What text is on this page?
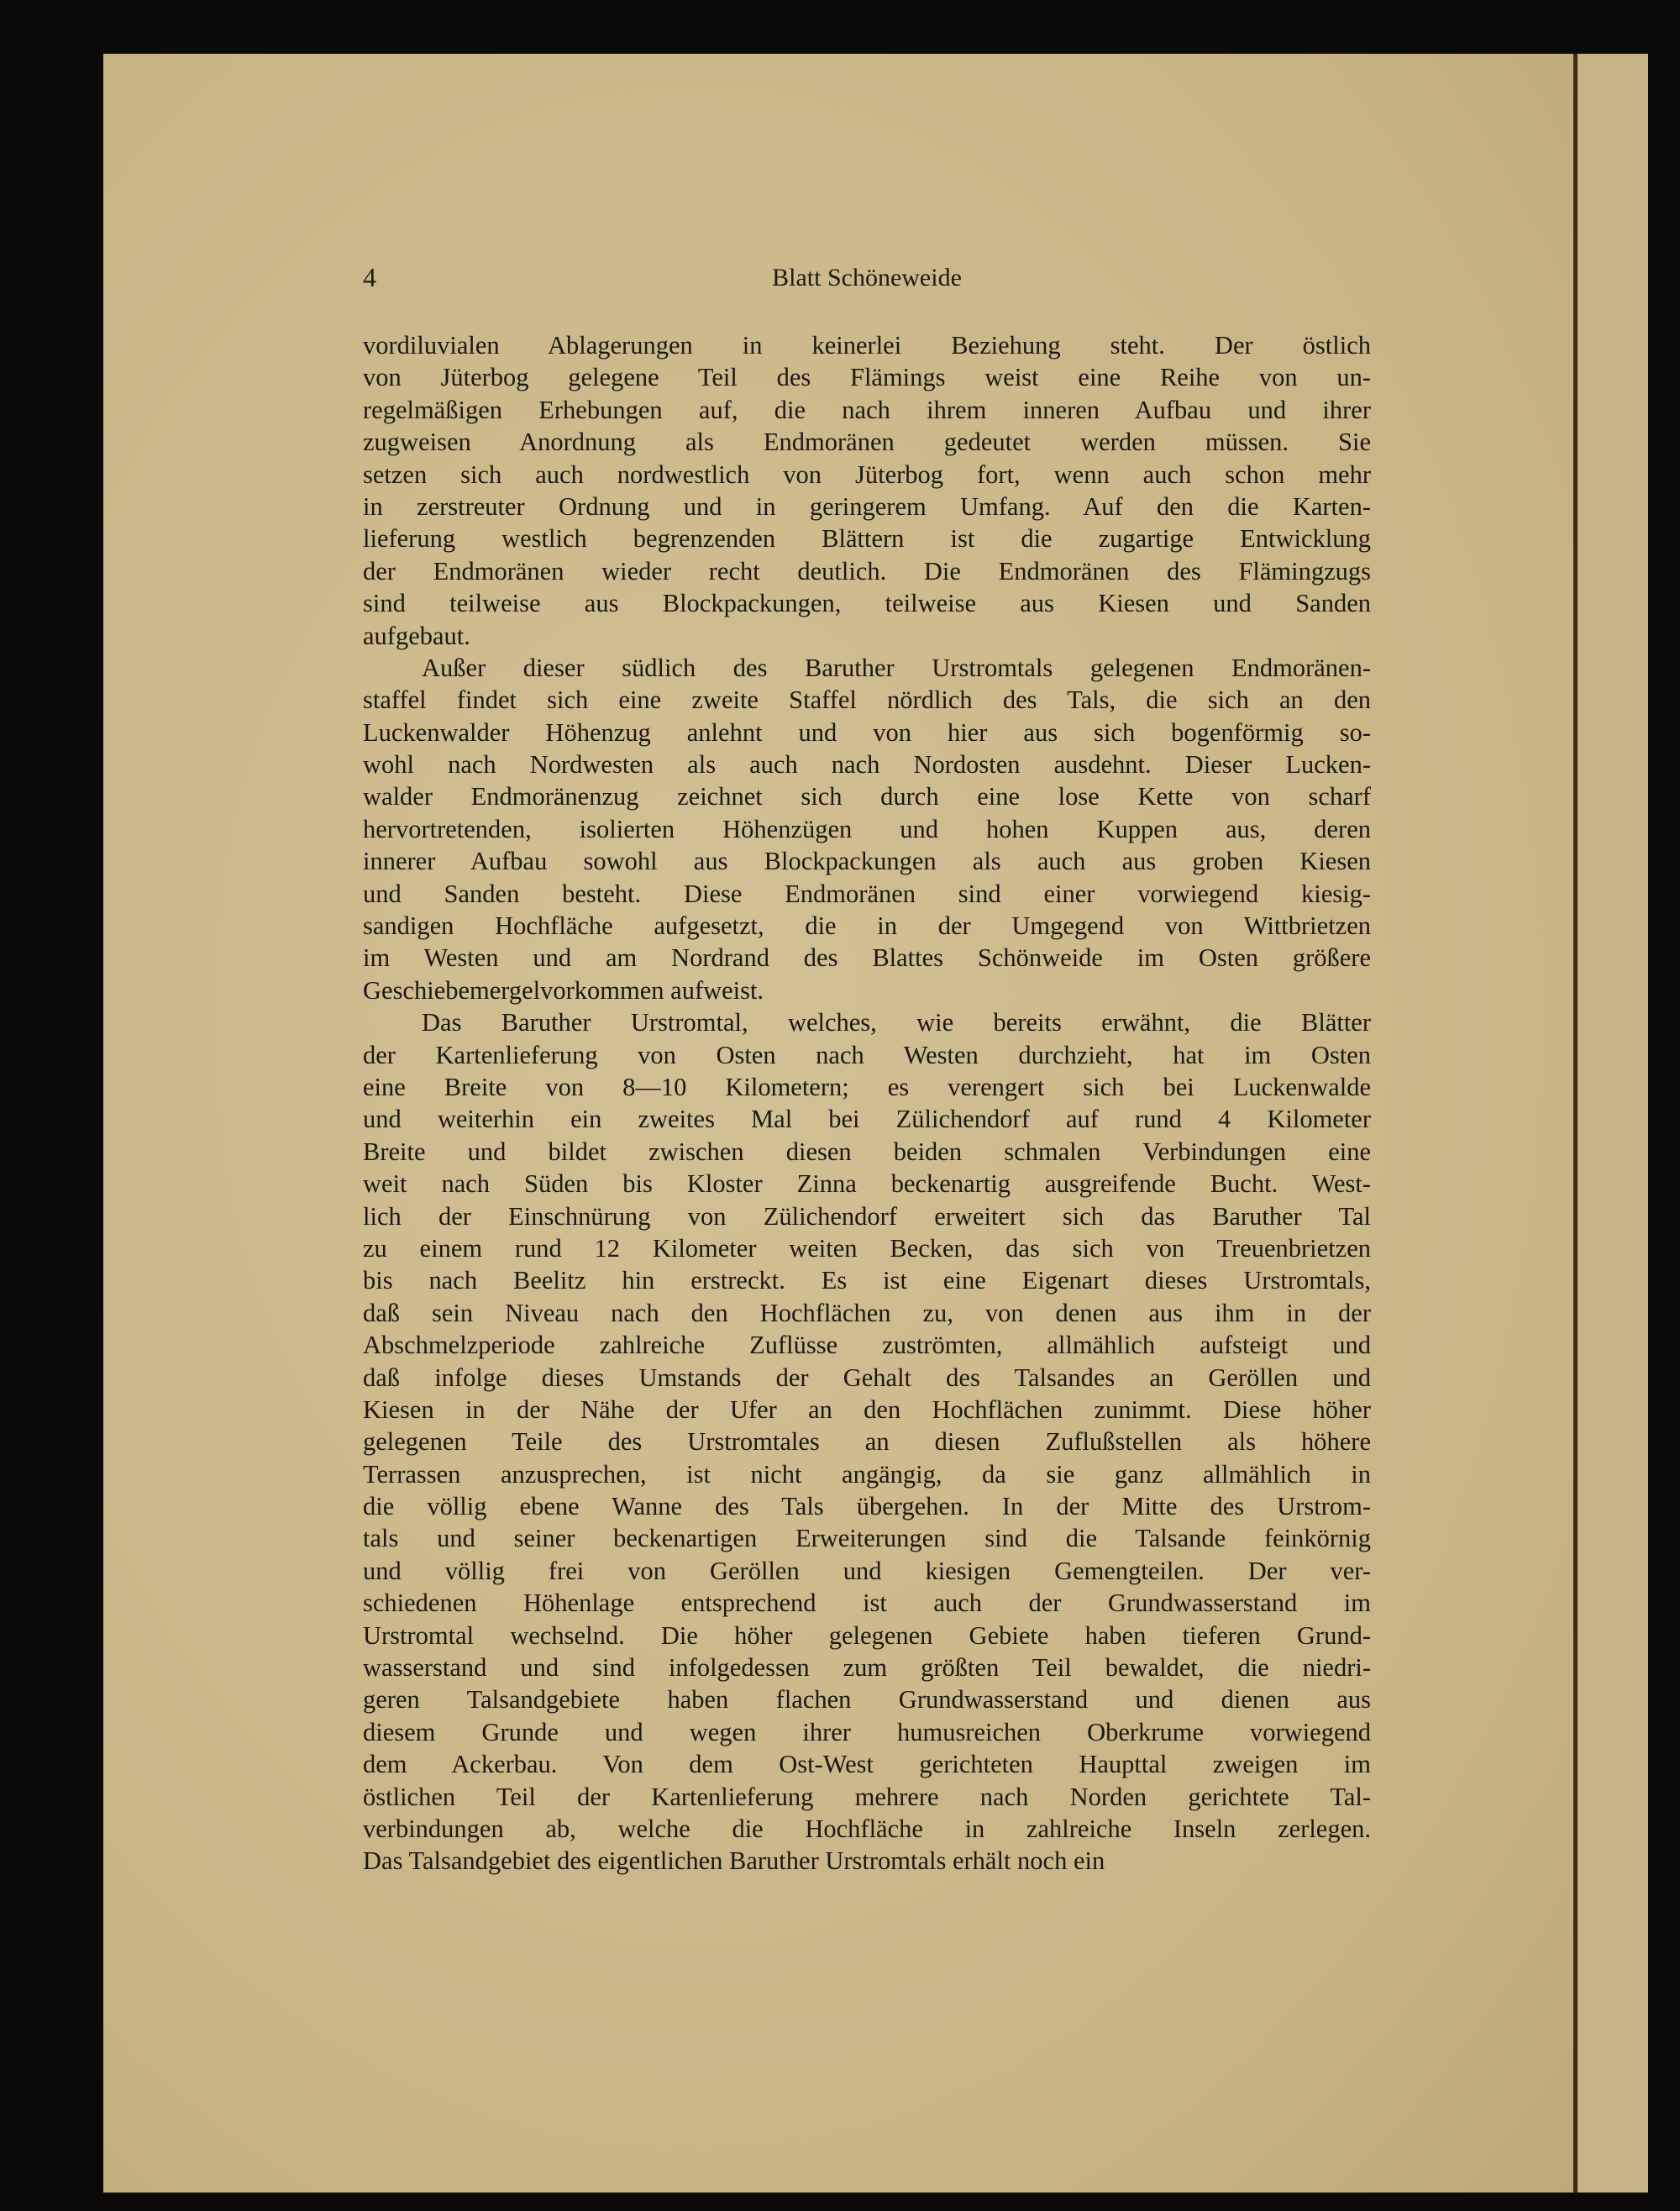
4	Blatt Schöneweide
vordiluvialen Ablagerungen in keinerlei Beziehung steht. Der östlich
von Jüterbog gelegene Teil des Flämings weist eine Reihe von un-
regelmäßigen Erhebungen auf, die nach ihrem inneren Aufbau und ihrer
zugweisen Anordnung als Endmoränen gedeutet werden müssen. Sie
setzen sich auch nordwestlich von Jüterbog fort, wenn auch schon mehr
in zerstreuter Ordnung und in geringerem Umfang. Auf den die Karten-
lieferung westlich begrenzenden Blättern ist die zugartige Entwicklung
der Endmoränen wieder recht deutlich. Die Endmoränen des Flämingzugs
sind teilweise aus Blockpackungen, teilweise aus Kiesen und Sanden
aufgebaut.
Außer dieser südlich des Baruther Urstromtals gelegenen Endmoränen-
staffel findet sich eine zweite Staffel nördlich des Tals, die sich an den
Luckenwalder Höhenzug anlehnt und von hier aus sich bogenförmig so-
wohl nach Nordwesten als auch nach Nordosten ausdehnt. Dieser Lucken-
walder Endmoränenzug zeichnet sich durch eine lose Kette von scharf
hervortretenden, isolierten Höhenzügen und hohen Kuppen aus, deren
innerer Aufbau sowohl aus Blockpackungen als auch aus groben Kiesen
und Sanden besteht. Diese Endmoränen sind einer vorwiegend kiesig-
sandigen Hochfläche aufgesetzt, die in der Umgegend von Wittbrietzen
im Westen und am Nordrand des Blattes Schönweide im Osten größere
Geschiebemergelvorkommen aufweist.
Das Baruther Urstromtal, welches, wie bereits erwähnt, die Blätter
der Kartenlieferung von Osten nach Westen durchzieht, hat im Osten
eine Breite von 8—10 Kilometern; es verengert sich bei Luckenwalde
und weiterhin ein zweites Mal bei Zülichendorf auf rund 4 Kilometer
Breite und bildet zwischen diesen beiden schmalen Verbindungen eine
weit nach Süden bis Kloster Zinna beckenartig ausgreifende Bucht. West-
lich der Einschnürung von Zülichendorf erweitert sich das Baruther Tal
zu einem rund 12 Kilometer weiten Becken, das sich von Treuenbrietzen
bis nach Beelitz hin erstreckt. Es ist eine Eigenart dieses Urstromtals,
daß sein Niveau nach den Hochflächen zu, von denen aus ihm in der
Abschmelzperiode zahlreiche Zuflüsse zuströmten, allmählich aufsteigt und
daß infolge dieses Umstands der Gehalt des Talsandes an Geröllen und
Kiesen in der Nähe der Ufer an den Hochflächen zunimmt. Diese höher
gelegenen Teile des Urstromtales an diesen Zuflußstellen als höhere
Terrassen anzusprechen, ist nicht angängig, da sie ganz allmählich in
die völlig ebene Wanne des Tals übergehen. In der Mitte des Urstrom-
tals und seiner beckenartigen Erweiterungen sind die Talsande feinkörnig
und völlig frei von Geröllen und kiesigen Gemengteilen. Der ver-
schiedenen Höhenlage entsprechend ist auch der Grundwasserstand im
Urstromtal wechselnd. Die höher gelegenen Gebiete haben tieferen Grund-
wasserstand und sind infolgedessen zum größten Teil bewaldet, die niedri-
geren Talsandgebiete haben flachen Grundwasserstand und dienen aus
diesem Grunde und wegen ihrer humusreichen Oberkrume vorwiegend
dem Ackerbau. Von dem Ost-West gerichteten Haupttal zweigen im
östlichen Teil der Kartenlieferung mehrere nach Norden gerichtete Tal-
verbindungen ab, welche die Hochfläche in zahlreiche Inseln zerlegen.
Das Talsandgebiet des eigentlichen Baruther Urstromtals erhält noch ein
